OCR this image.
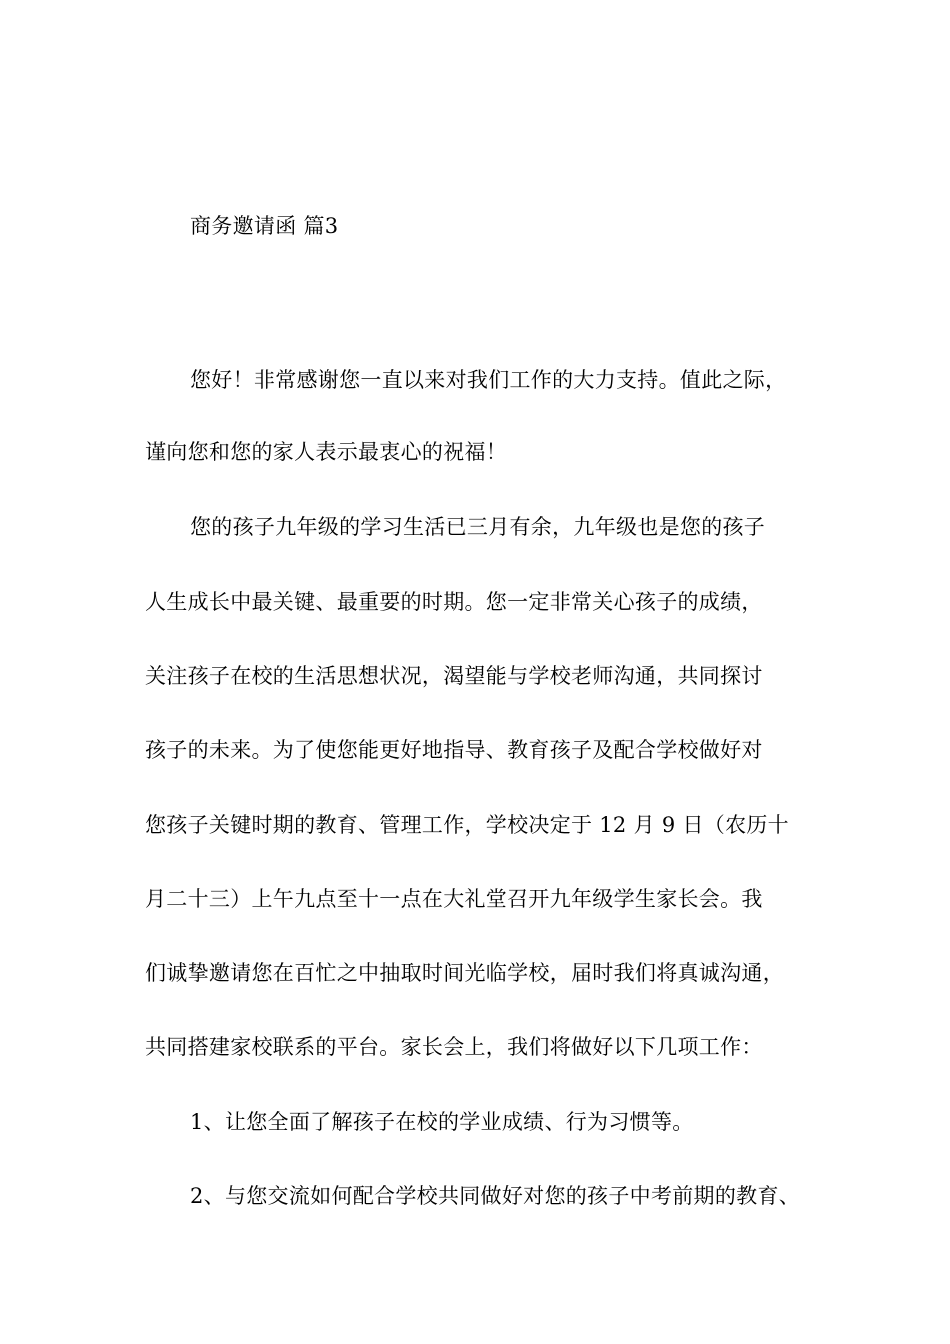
商务邀请函 篇3
您好！非常感谢您一直以来对我们工作的大力支持。值此之际，
谨向您和您的家人表示最衷心的祝福！
您的孩子九年级的学习生活已三月有余，九年级也是您的孩子
人生成长中最关键、最重要的时期。您一定非常关心孩子的成绩，
关注孩子在校的生活思想状况，渴望能与学校老师沟通，共同探讨
孩子的未来。为了使您能更好地指导、教育孩子及配合学校做好对
您孩子关键时期的教育、管理工作，学校决定于 12 月 9 日（农历十
月二十三）上午九点至十一点在大礼堂召开九年级学生家长会。我
们诚挚邀请您在百忙之中抽取时间光临学校，届时我们将真诚沟通，
共同搭建家校联系的平台。家长会上，我们将做好以下几项工作：
1、让您全面了解孩子在校的学业成绩、行为习惯等。
2、与您交流如何配合学校共同做好对您的孩子中考前期的教育、
